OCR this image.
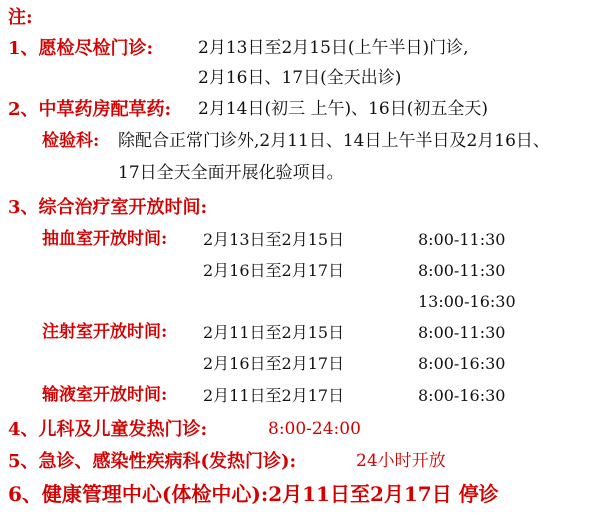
注:
1、愿检尽检门诊:	2月13日至2月15日(上午半日)门诊,
2月16日、17日(全天出诊)
2、中草药房配草药: 2月14日(初三 上午)、16日(初五全天)
检验科: 除配合正常门诊外,2月11日、14日上午半日及2月16日、
17日全天全面开展化验项目。
3、综合治疗室开放时间:
抽血室开放时间: 2月13日至2月15日	8:00-11:30
2月16日至2月17日	8:00-11:30
13:00-16:30
注射室开放时间: 2月11日至2月15日	8:00-11:30
2月16日至2月17日	8:00-16:30
输液室开放时间: 2月11日至2月17日	8:00-16:30
4、儿科及儿童发热门诊:	8:00-24:00
5、急诊、感染性疾病科(发热门诊):	24小时开放
6、健康管理中心(体检中心):2月11日至2月17日 停诊
